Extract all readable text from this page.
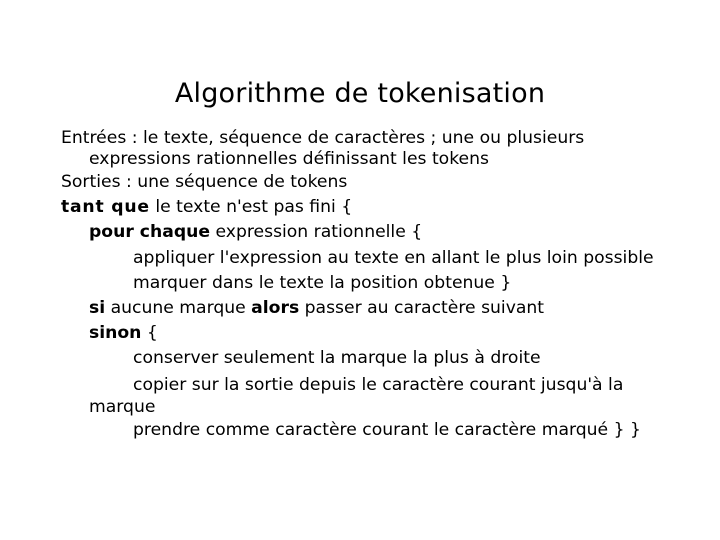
Algorithme de tokenisation
Entrées : le texte, séquence de caractères ; une ou plusieurs
expressions rationnelles définissant les tokens
Sorties : une séquence de tokens
tant que le texte n'est pas fini {
pour chaque expression rationnelle {
appliquer l'expression au texte en allant le plus loin possible
marquer dans le texte la position obtenue }
si aucune marque alors passer au caractère suivant
sinon {
conserver seulement la marque la plus à droite
copier sur la sortie depuis le caractère courant jusqu'à la
marque
prendre comme caractère courant le caractère marqué } }
